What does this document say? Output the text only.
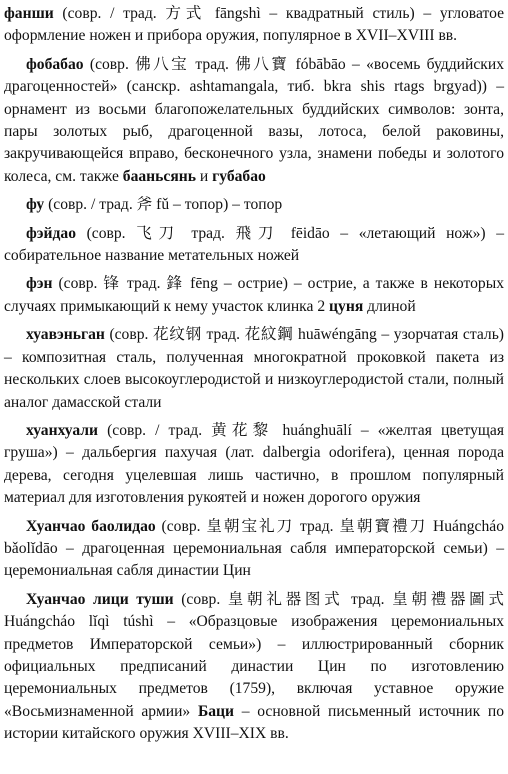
фанши (совр. / трад. 方式 fāngshì – квадратный стиль) – угловатое оформление ножен и прибора оружия, популярное в XVII–XVIII вв.

фобабао (совр. 佛八宝 трад. 佛八寶 fóbābāo – «восемь буддийских драгоценностей» (санскр. ashtamangala, тиб. bkra shis rtags brgyad)) – орнамент из восьми благопожелательных буддийских символов: зонта, пары золотых рыб, драгоценной вазы, лотоса, белой раковины, закручивающейся вправо, бесконечного узла, знамени победы и золотого колеса, см. также бааньсянь и губабао

фу (совр. / трад. 斧 fǔ – топор) – топор

фэйдао (совр. 飞刀 трад. 飛刀 fēidāo – «летающий нож») – собирательное название метательных ножей

фэн (совр. 锋 трад. 鋒 fēng – острие) – острие, а также в некоторых случаях примыкающий к нему участок клинка 2 цуня длиной

хуавэньган (совр. 花纹钢 трад. 花紋鋼 huāwéngāng – узорчатая сталь) – композитная сталь, полученная многократной проковкой пакета из нескольких слоев высокоуглеродистой и низкоуглеродистой стали, полный аналог дамасской стали

хуанхуали (совр. / трад. 黄花黎 huánghuālí – «желтая цветущая груша») – дальбергия пахучая (лат. dalbergia odorifera), ценная порода дерева, сегодня уцелевшая лишь частично, в прошлом популярный материал для изготовления рукоятей и ножен дорогого оружия

Хуанчао баолидао (совр. 皇朝宝礼刀 трад. 皇朝寶禮刀 Huángcháo bǎolǐdāo – драгоценная церемониальная сабля императорской семьи) – церемониальная сабля династии Цин

Хуанчао лици туши (совр. 皇朝礼器图式 трад. 皇朝禮器圖式 Huángcháo lǐqì túshì – «Образцовые изображения церемониальных предметов Императорской семьи») – иллюстрированный сборник официальных предписаний династии Цин по изготовлению церемониальных предметов (1759), включая уставное оружие «Восьмизнаменной армии» Баци – основной письменный источник по истории китайского оружия XVIII–XIX вв.
